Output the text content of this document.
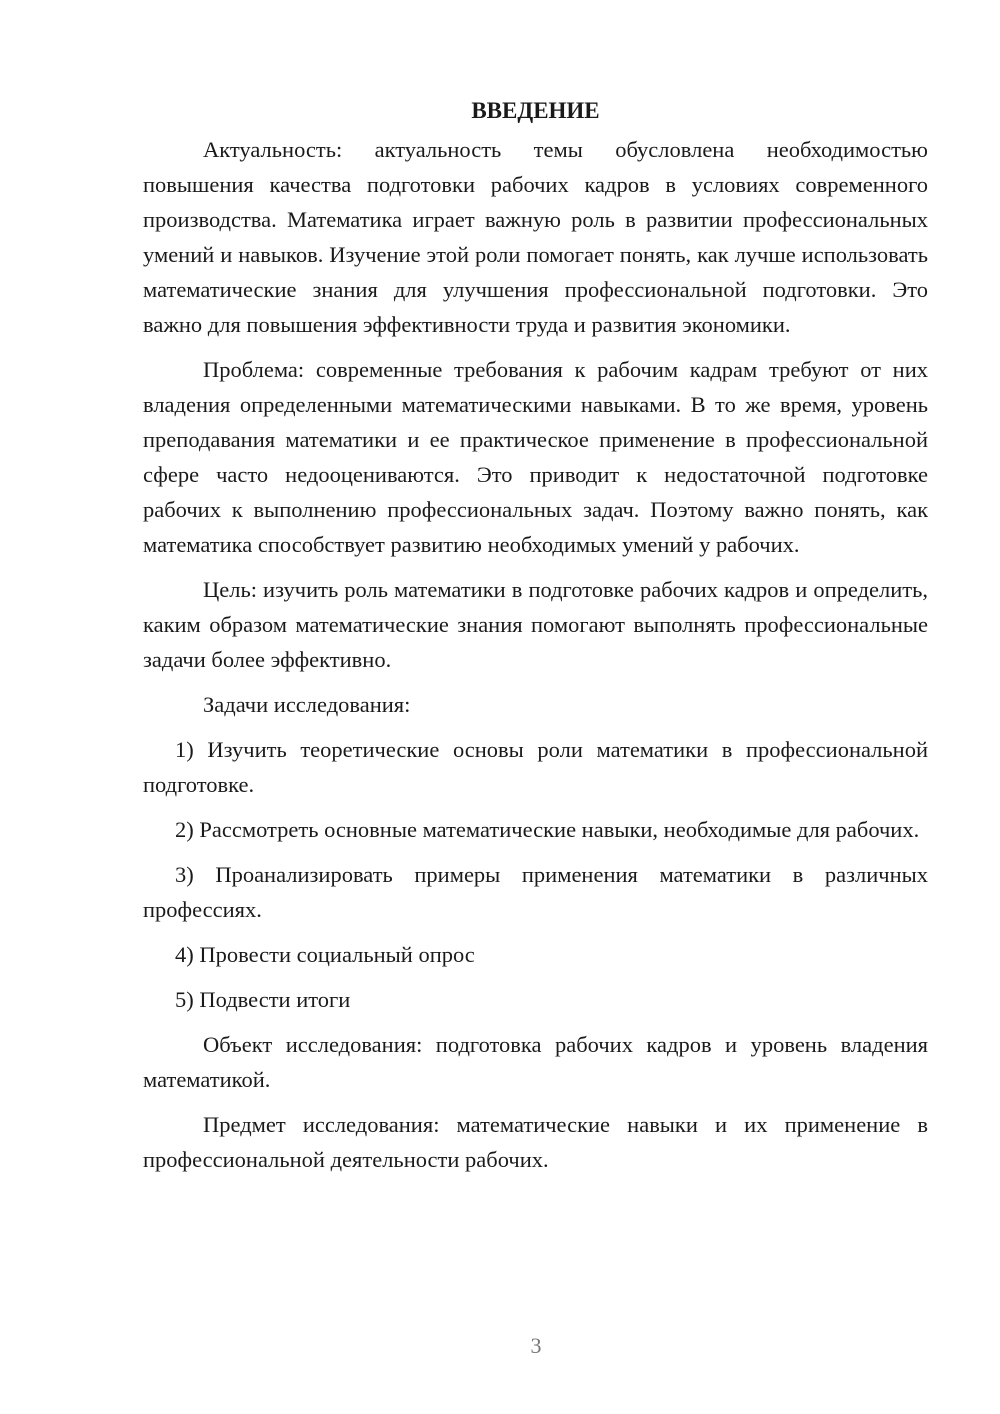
ВВЕДЕНИЕ

Актуальность: актуальность темы обусловлена необходимостью повышения качества подготовки рабочих кадров в условиях современного производства. Математика играет важную роль в развитии профессиональных умений и навыков. Изучение этой роли помогает понять, как лучше использовать математические знания для улучшения профессиональной подготовки. Это важно для повышения эффективности труда и развития экономики.

Проблема: современные требования к рабочим кадрам требуют от них владения определенными математическими навыками. В то же время, уровень преподавания математики и ее практическое применение в профессиональной сфере часто недооцениваются. Это приводит к недостаточной подготовке рабочих к выполнению профессиональных задач. Поэтому важно понять, как математика способствует развитию необходимых умений у рабочих.

Цель: изучить роль математики в подготовке рабочих кадров и определить, каким образом математические знания помогают выполнять профессиональные задачи более эффективно.

Задачи исследования:

1) Изучить теоретические основы роли математики в профессиональной подготовке.

2) Рассмотреть основные математические навыки, необходимые для рабочих.

3) Проанализировать примеры применения математики в различных профессиях.

4) Провести социальный опрос

5) Подвести итоги

Объект исследования: подготовка рабочих кадров и уровень владения математикой.

Предмет исследования: математические навыки и их применение в профессиональной деятельности рабочих.

3
